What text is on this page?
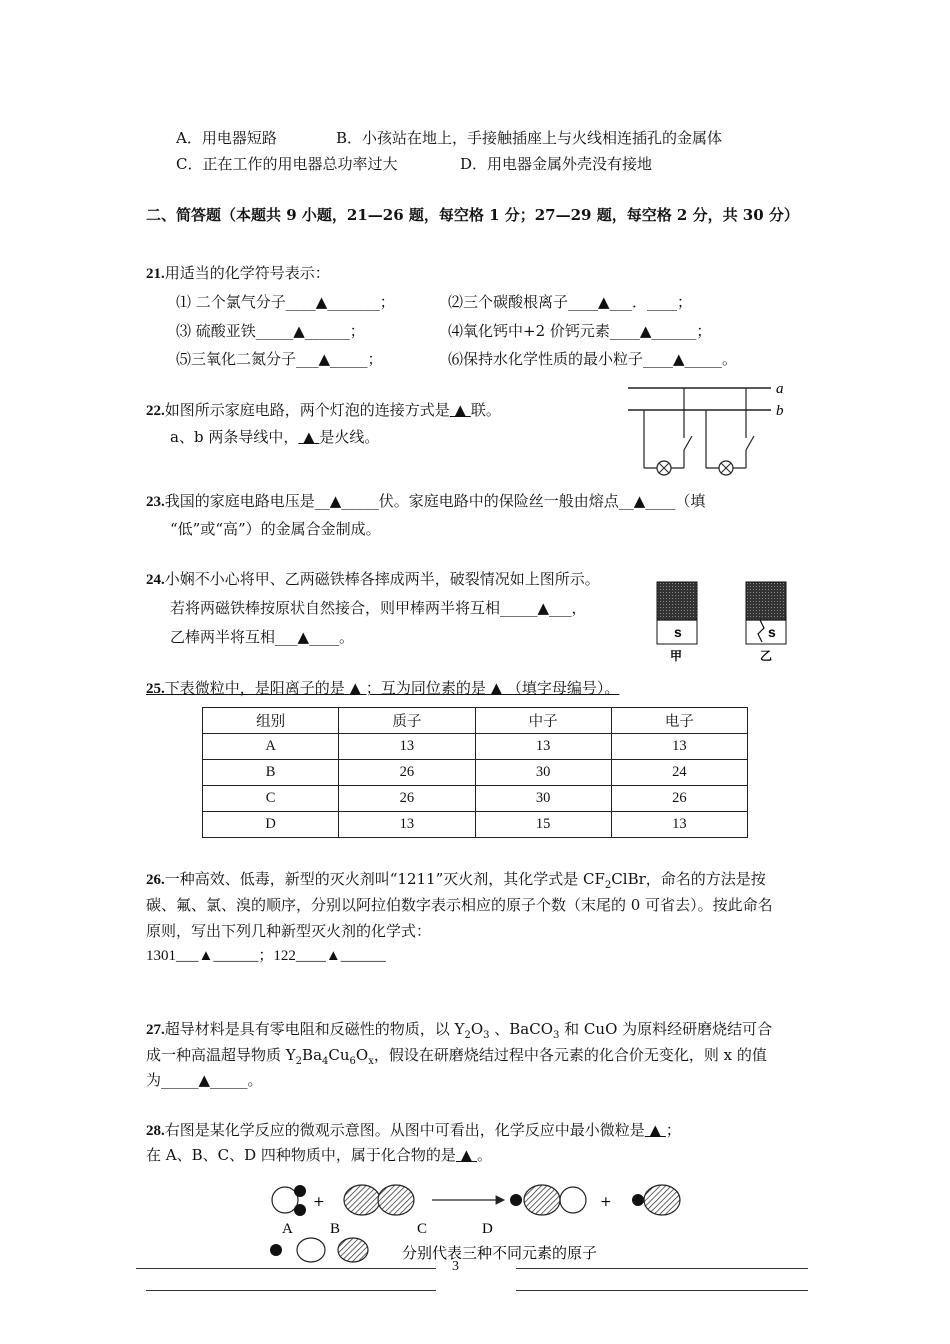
A．用电器短路	B．小孩站在地上，手接触插座上与火线相连插孔的金属体
C．正在工作的用电器总功率过大	D．用电器金属外壳没有接地
二、简答题（本题共 9 小题，21—26 题，每空格 1 分；27—29 题，每空格 2 分，共 30 分）
21.用适当的化学符号表示：
⑴ 二个氯气分子____▲_______；	⑵三个碳酸根离子____▲___．____；
⑶ 硫酸亚铁_____▲______；	⑷氧化钙中+2 价钙元素____▲______；
⑸三氧化二氮分子___▲_____；	⑹保持水化学性质的最小粒子____▲_____。
22.如图所示家庭电路，两个灯泡的连接方式是 ▲ 联。
a、b 两条导线中， ▲ 是火线。
a
b
23.我国的家庭电路电压是__▲_____伏。家庭电路中的保险丝一般由熔点__▲____（填
“低”或“高”）的金属合金制成。
24.小娴不小心将甲、乙两磁铁棒各摔成两半，破裂情况如上图所示。
若将两磁铁棒按原状自然接合，则甲棒两半将互相_____▲___，
乙棒两半将互相___▲____。	s
甲
s
乙
25.下表微粒中，是阳离子的是 ▲ ；互为同位素的是 ▲ （填字母编号）。
组别	质子	中子	电子
A	13	13	13
B	26	30	24
C	26	30	26
D	13	15	13
26.一种高效、低毒，新型的灭火剂叫“1211”灭火剂，其化学式是 $CF_2ClBr$，命名的方法是按
碳、氟、氯、溴的顺序，分别以阿拉伯数字表示相应的原子个数（末尾的 0 可省去）。按此命名
原则，写出下列几种新型灭火剂的化学式：
1301___▲______；122____▲______
27.超导材料是具有零电阻和反磁性的物质，以 $Y_2O_3$ 、BaCO$_3$ 和 CuO 为原料经研磨烧结可合
成一种高温超导物质 $Y_2Ba_4Cu_6O_x$，假设在研磨烧结过程中各元素的化合价无变化，则 x 的值
为_____▲_____。
28.右图是某化学反应的微观示意图。从图中可看出，化学反应中最小微粒是 ▲ ；
在 A、B、C、D 四种物质中，属于化合物的是 ▲ 。
+	+
A B	C	D
分别代表三种不同元素的原子
3
